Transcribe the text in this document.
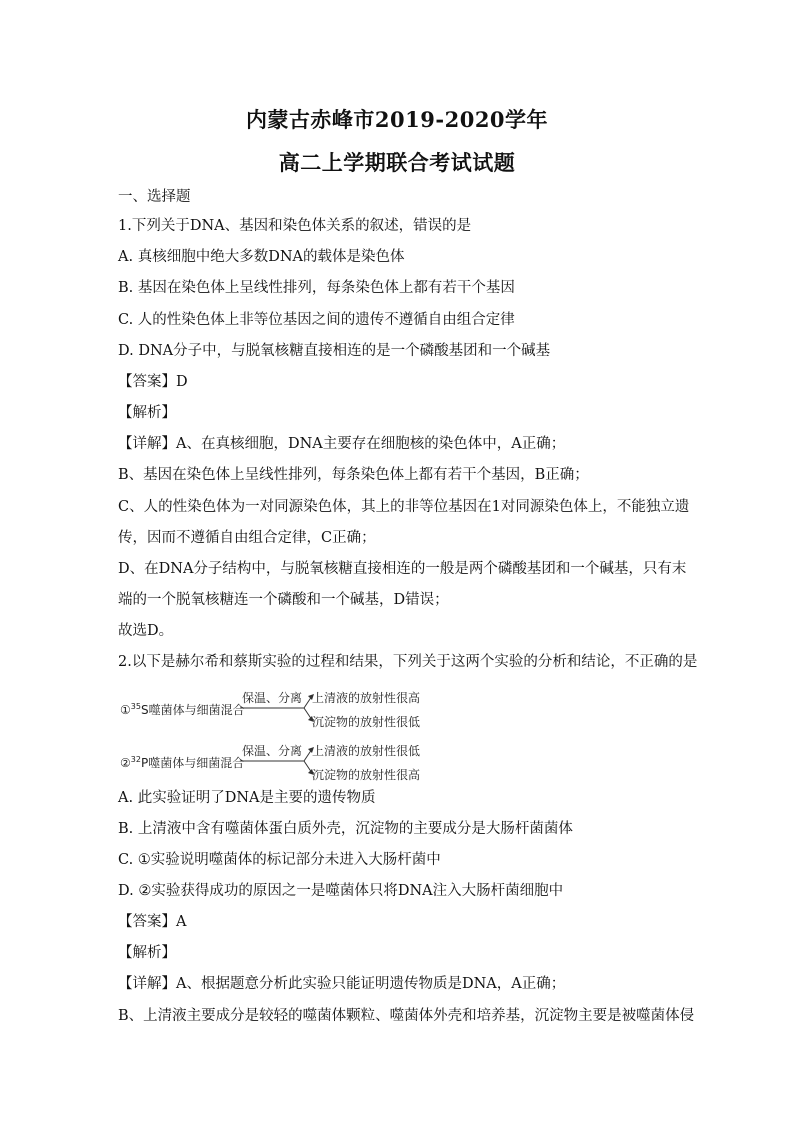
内蒙古赤峰市2019-2020学年
高二上学期联合考试试题
一、选择题
1.下列关于DNA、基因和染色体关系的叙述，错误的是
A. 真核细胞中绝大多数DNA的载体是染色体
B. 基因在染色体上呈线性排列，每条染色体上都有若干个基因
C. 人的性染色体上非等位基因之间的遗传不遵循自由组合定律
D. DNA分子中，与脱氧核糖直接相连的是一个磷酸基团和一个碱基
【答案】D
【解析】
【详解】A、在真核细胞，DNA主要存在细胞核的染色体中，A正确；
B、基因在染色体上呈线性排列，每条染色体上都有若干个基因，B正确；
C、人的性染色体为一对同源染色体，其上的非等位基因在1对同源染色体上，不能独立遗
传，因而不遵循自由组合定律，C正确；
D、在DNA分子结构中，与脱氧核糖直接相连的一般是两个磷酸基团和一个碱基，只有末
端的一个脱氧核糖连一个磷酸和一个碱基，D错误；
故选D。
2.以下是赫尔希和蔡斯实验的过程和结果，下列关于这两个实验的分析和结论，不正确的是
①$^{35}$S噬菌体与细菌混合
保温、分离 上清液的放射性很高
沉淀物的放射性很低
②$^{32}$P噬菌体与细菌混合
保温、分离 上清液的放射性很低
沉淀物的放射性很高
A. 此实验证明了DNA是主要的遗传物质
B. 上清液中含有噬菌体蛋白质外壳，沉淀物的主要成分是大肠杆菌菌体
C. ①实验说明噬菌体的标记部分未进入大肠杆菌中
D. ②实验获得成功的原因之一是噬菌体只将DNA注入大肠杆菌细胞中
【答案】A
【解析】
【详解】A、根据题意分析此实验只能证明遗传物质是DNA，A正确；
B、上清液主要成分是较轻的噬菌体颗粒、噬菌体外壳和培养基，沉淀物主要是被噬菌体侵
